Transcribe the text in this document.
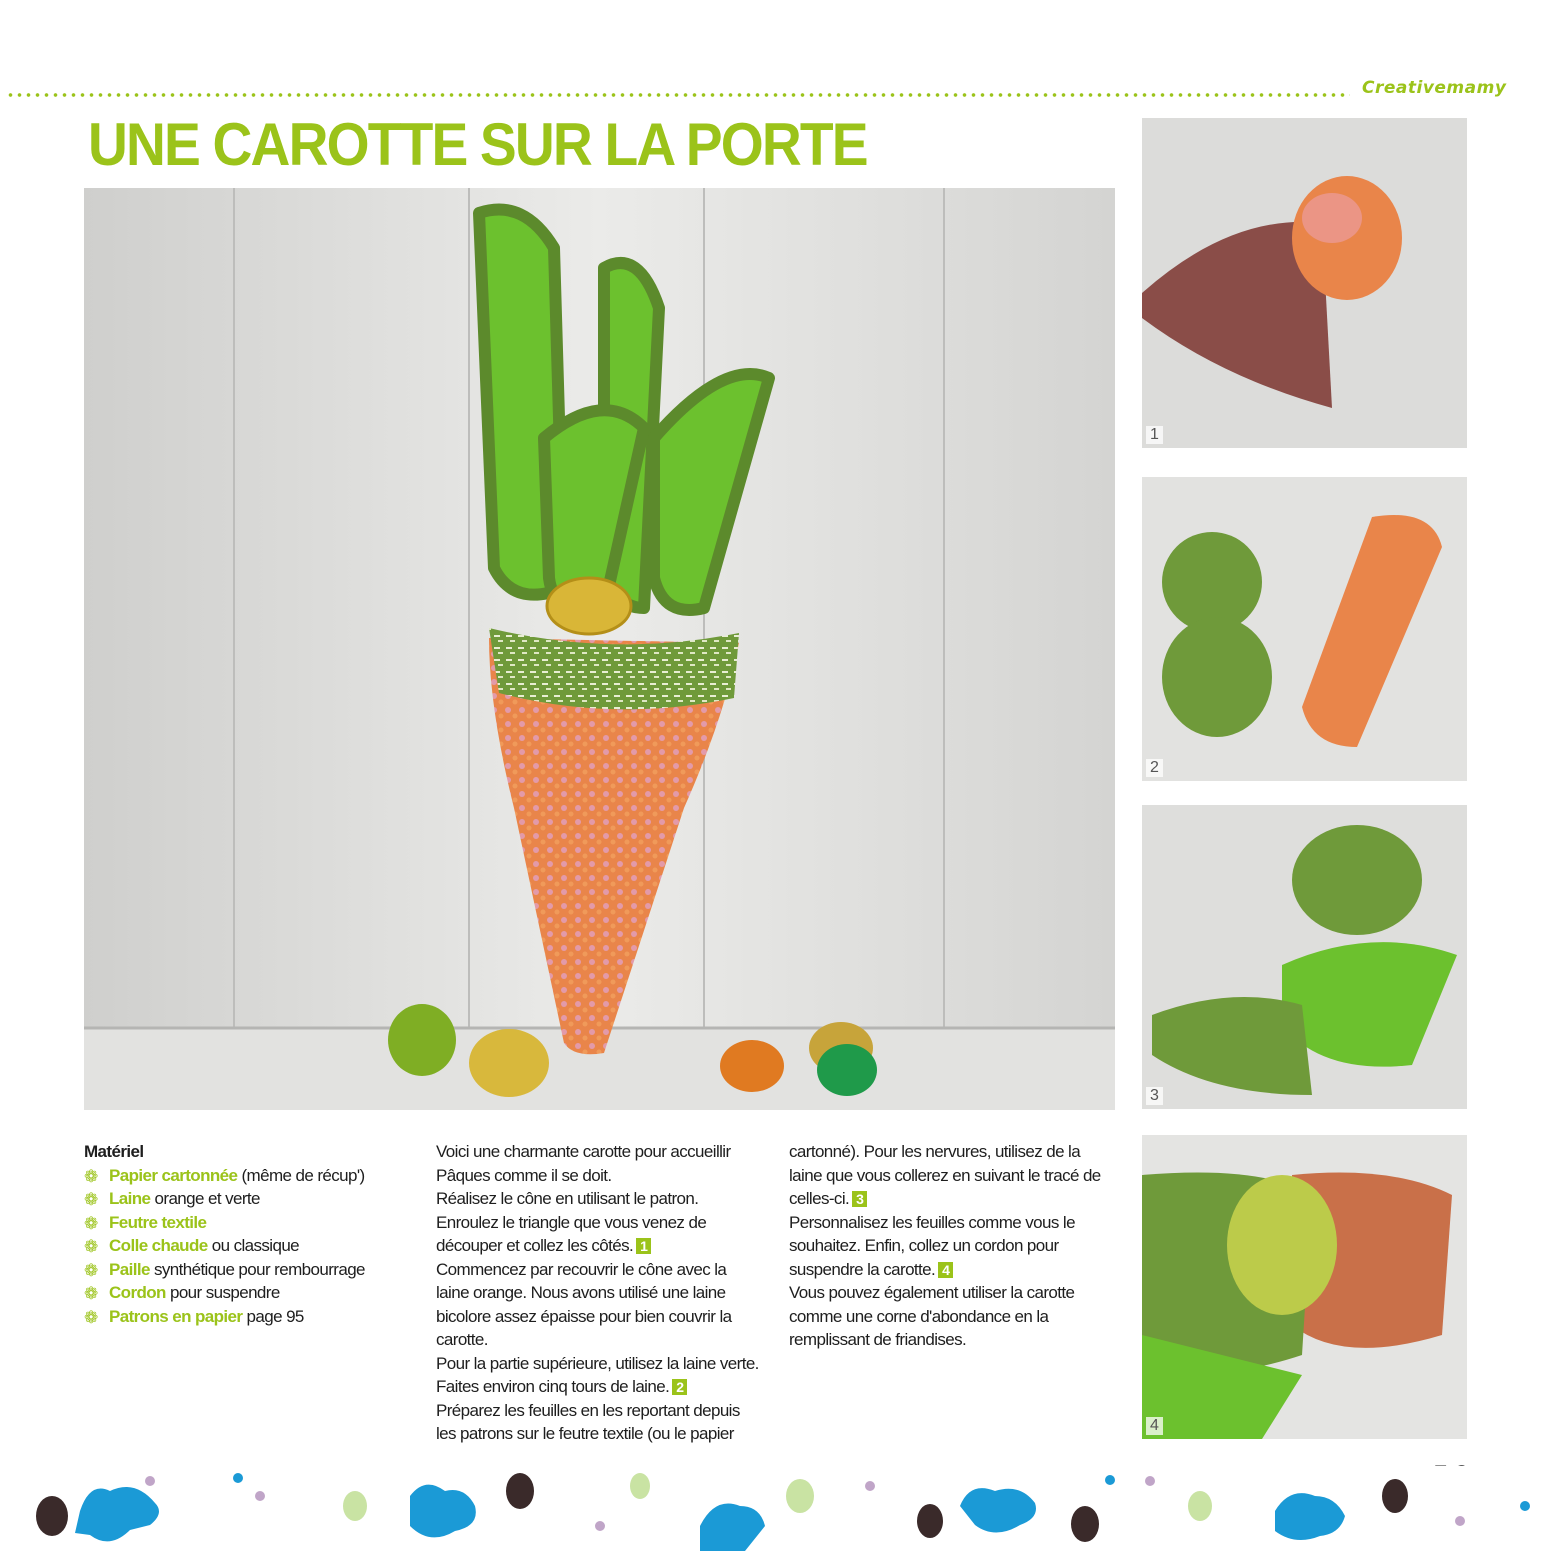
Creativemamy
UNE CAROTTE SUR LA PORTE
1
2
3
4

Matériel

❁ Papier cartonnée (même de récup')
❁ Laine orange et verte
❁ Feutre textile
❁ Colle chaude ou classique
❁ Paille synthétique pour rembourrage
❁ Cordon pour suspendre
❁ Patrons en papier page 95

Voici une charmante carotte pour accueillir Pâques comme il se doit.

Réalisez le cône en utilisant le patron.

Enroulez le triangle que vous venez de découper et collez les côtés. 1

Commencez par recouvrir le cône avec la laine orange. Nous avons utilisé une laine bicolore assez épaisse pour bien couvrir la carotte.

Pour la partie supérieure, utilisez la laine verte. Faites environ cinq tours de laine. 2

Préparez les feuilles en les reportant depuis les patrons sur le feutre textile (ou le papier

cartonné). Pour les nervures, utilisez de la laine que vous collerez en suivant le tracé de celles-ci. 3

Personnalisez les feuilles comme vous le souhaitez. Enfin, collez un cordon pour suspendre la carotte. 4

Vous pouvez également utiliser la carotte comme une corne d'abondance en la remplissant de friandises.
